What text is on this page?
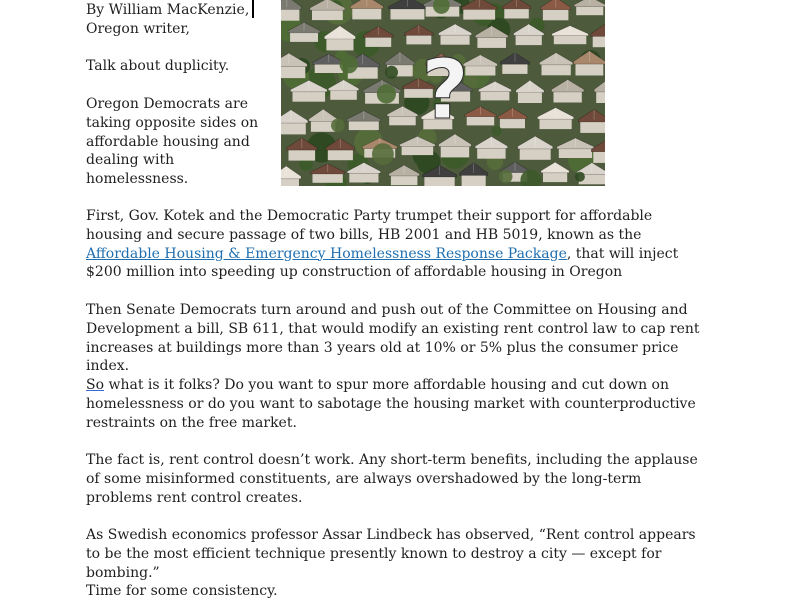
By William MacKenzie,
Oregon writer,

Talk about duplicity.

Oregon Democrats are taking opposite sides on affordable housing and dealing with homelessness.

?

First, Gov. Kotek and the Democratic Party trumpet their support for affordable housing and secure passage of two bills, HB 2001 and HB 5019, known as the Affordable Housing & Emergency Homelessness Response Package, that will inject $200 million into speeding up construction of affordable housing in Oregon

Then Senate Democrats turn around and push out of the Committee on Housing and Development a bill, SB 611, that would modify an existing rent control law to cap rent increases at buildings more than 3 years old at 10% or 5% plus the consumer price index.

So what is it folks? Do you want to spur more affordable housing and cut down on homelessness or do you want to sabotage the housing market with counterproductive restraints on the free market.

The fact is, rent control doesn’t work. Any short-term benefits, including the applause of some misinformed constituents, are always overshadowed by the long-term problems rent control creates.

As Swedish economics professor Assar Lindbeck has observed, “Rent control appears to be the most efficient technique presently known to destroy a city — except for bombing.”

Time for some consistency.
